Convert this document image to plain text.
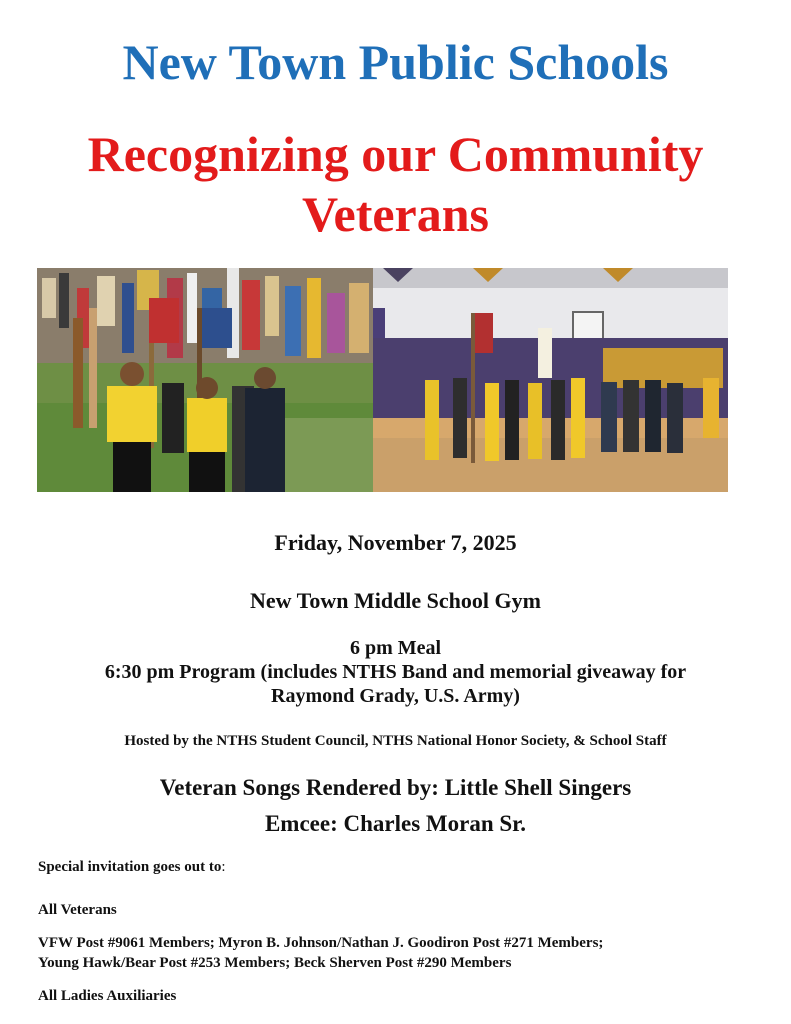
New Town Public Schools
Recognizing our Community
Veterans

Friday, November 7, 2025

New Town Middle School Gym

6 pm Meal

6:30 pm Program (includes NTHS Band and memorial giveaway for

Raymond Grady, U.S. Army)

Hosted by the NTHS Student Council, NTHS National Honor Society, & School Staff

Veteran Songs Rendered by: Little Shell Singers

Emcee: Charles Moran Sr.

Special invitation goes out to:

All Veterans

VFW Post #9061 Members; Myron B. Johnson/Nathan J. Goodiron Post #271 Members;

Young Hawk/Bear Post #253 Members; Beck Sherven Post #290 Members

All Ladies Auxiliaries
